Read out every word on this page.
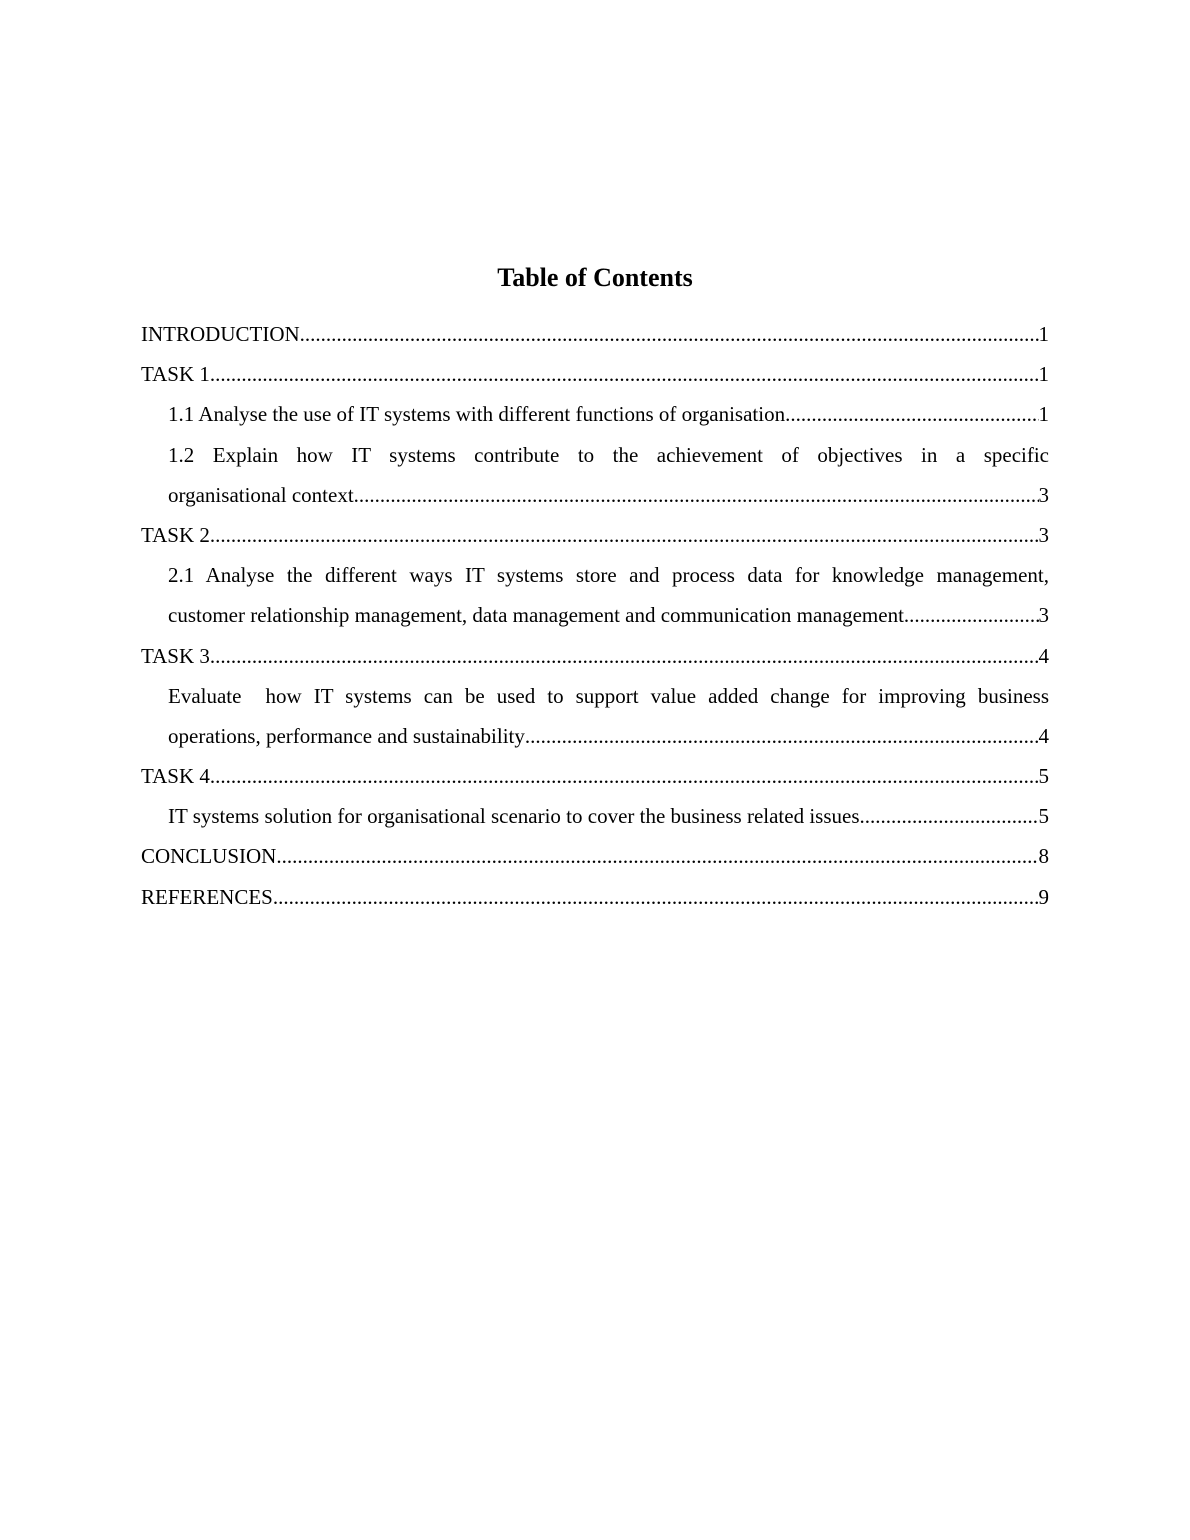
Table of Contents
INTRODUCTION .....	1
TASK 1 .....	1
1.1 Analyse the use of IT systems with different functions of organisation .....	1
1.2 Explain how IT systems contribute to the achievement of objectives in a specific
organisational context .....	3
TASK 2 .....	3
2.1 Analyse the different ways IT systems store and process data for knowledge management,
customer relationship management, data management and communication management .....	3
TASK 3 .....	4
Evaluate  how IT systems can be used to support value added change for improving business
operations, performance and sustainability .....	4
TASK 4 .....	5
IT systems solution for organisational scenario to cover the business related issues .....	5
CONCLUSION .....	8
REFERENCES .....	9
